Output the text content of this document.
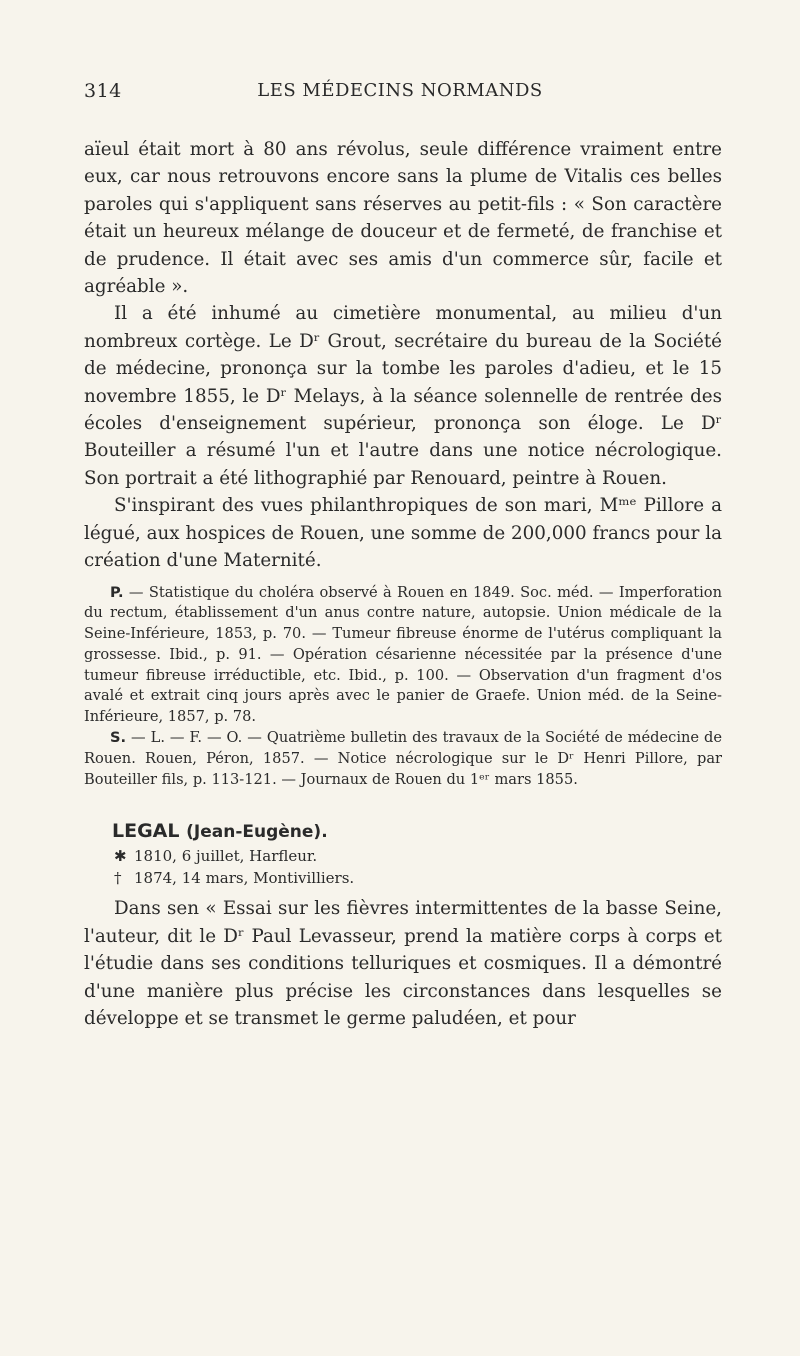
314	LES MÉDECINS NORMANDS

aïeul était mort à 80 ans révolus, seule différence vraiment entre eux, car nous retrouvons encore sans la plume de Vitalis ces belles paroles qui s'appliquent sans réserves au petit-fils : « Son caractère était un heureux mélange de douceur et de fermeté, de franchise et de prudence. Il était avec ses amis d'un commerce sûr, facile et agréable ».

Il a été inhumé au cimetière monumental, au milieu d'un nombreux cortège. Le Dʳ Grout, secrétaire du bureau de la Société de médecine, prononça sur la tombe les paroles d'adieu, et le 15 novembre 1855, le Dʳ Melays, à la séance solennelle de rentrée des écoles d'enseignement supérieur, prononça son éloge. Le Dʳ Bouteiller a résumé l'un et l'autre dans une notice nécrologique. Son portrait a été lithographié par Renouard, peintre à Rouen.

S'inspirant des vues philanthropiques de son mari, Mᵐᵉ Pillore a légué, aux hospices de Rouen, une somme de 200,000 francs pour la création d'une Maternité.

P. — Statistique du choléra observé à Rouen en 1849. Soc. méd. — Imperforation du rectum, établissement d'un anus contre nature, autopsie. Union médicale de la Seine-Inférieure, 1853, p. 70. — Tumeur fibreuse énorme de l'utérus compliquant la grossesse. Ibid., p. 91. — Opération césarienne nécessitée par la présence d'une tumeur fibreuse irréductible, etc. Ibid., p. 100. — Observation d'un fragment d'os avalé et extrait cinq jours après avec le panier de Graefe. Union méd. de la Seine-Inférieure, 1857, p. 78.

S. — L. — F. — O. — Quatrième bulletin des travaux de la Société de médecine de Rouen. Rouen, Péron, 1857. — Notice nécrologique sur le Dʳ Henri Pillore, par Bouteiller fils, p. 113-121. — Journaux de Rouen du 1ᵉʳ mars 1855.

LEGAL (Jean-Eugène).
✱ 1810, 6 juillet, Harfleur.
† 1874, 14 mars, Montivilliers.

Dans sen « Essai sur les fièvres intermittentes de la basse Seine, l'auteur, dit le Dʳ Paul Levasseur, prend la matière corps à corps et l'étudie dans ses conditions telluriques et cosmiques. Il a démontré d'une manière plus précise les circonstances dans lesquelles se développe et se transmet le germe paludéen, et pour
